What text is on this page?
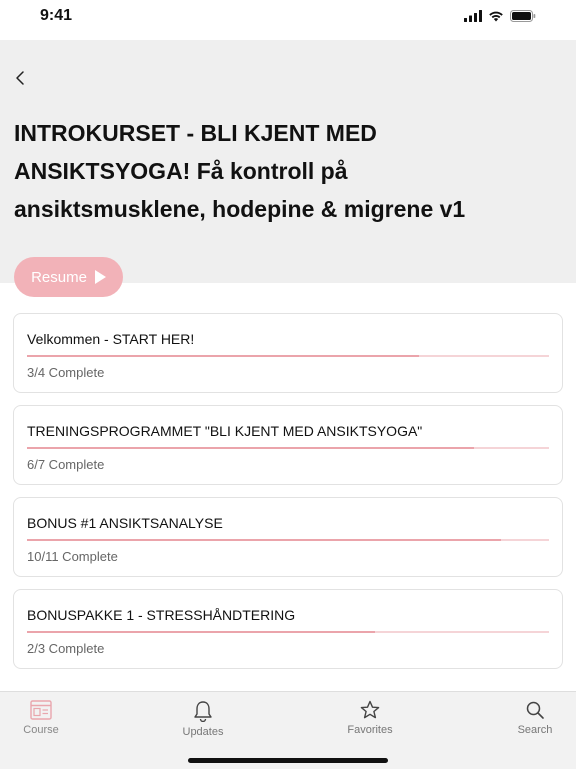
9:41
INTROKURSET - BLI KJENT MED ANSIKTSYOGA! Få kontroll på ansiktsmusklene, hodepine & migrene v1
Resume
Velkommen - START HER!
3/4 Complete
TRENINGSPROGRAMMET "BLI KJENT MED ANSIKTSYOGA"
6/7 Complete
BONUS #1 ANSIKTSANALYSE
10/11 Complete
BONUSPAKKE 1 - STRESSHÅNDTERING
2/3 Complete
Course	Updates	Favorites	Search
